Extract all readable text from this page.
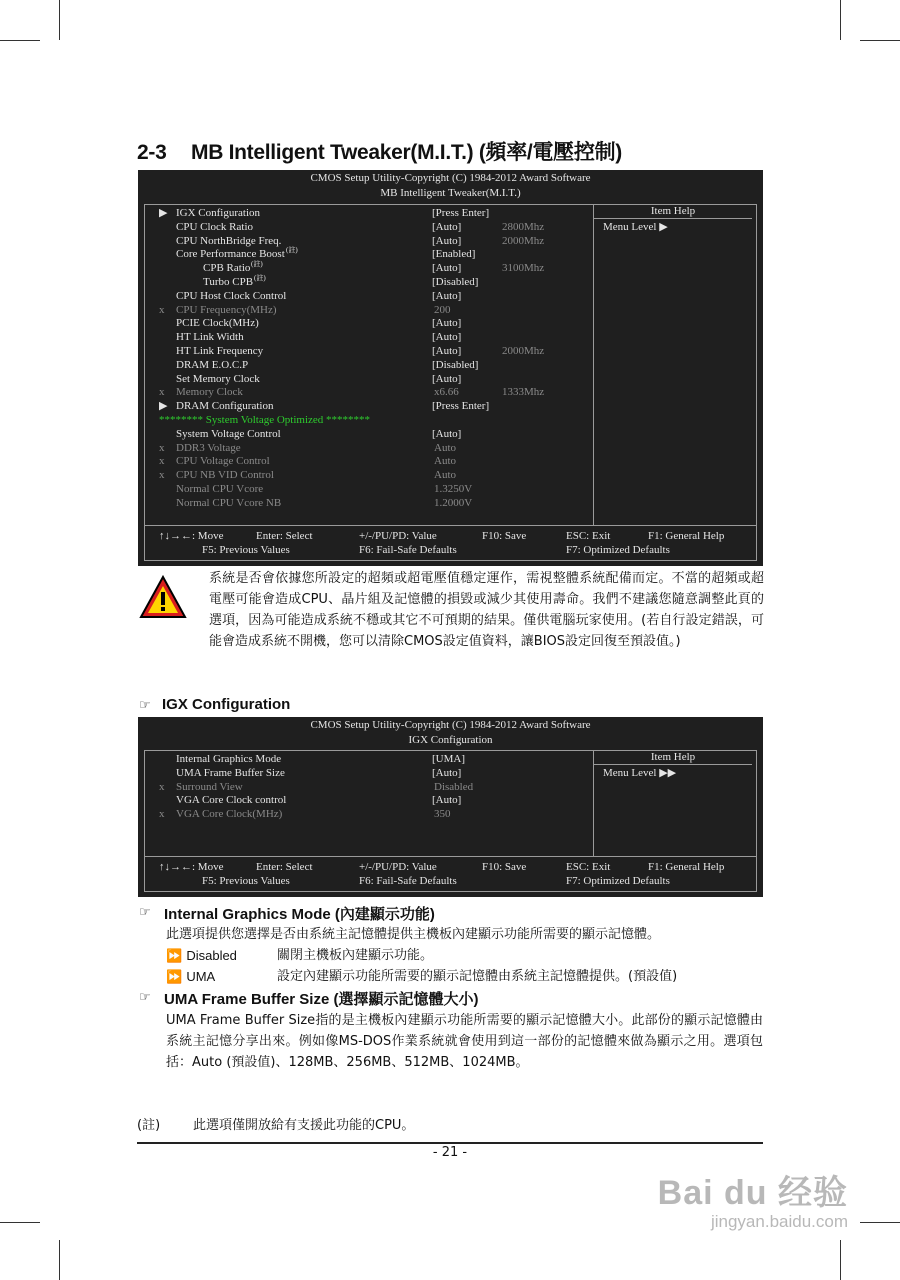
2-3 MB Intelligent Tweaker(M.I.T.) (頻率/電壓控制)
CMOS Setup Utility-Copyright (C) 1984-2012 Award Software
MB Intelligent Tweaker(M.I.T.)
▶ IGX Configuration	[Press Enter]
CPU Clock Ratio	[Auto]	2800Mhz
CPU NorthBridge Freq.	[Auto]	2000Mhz
Core Performance Boost (註)	[Enabled]
CPB Ratio (註)	[Auto]	3100Mhz
Turbo CPB (註)	[Disabled]
CPU Host Clock Control	[Auto]
x	CPU Frequency(MHz)	200
PCIE Clock(MHz)	[Auto]
HT Link Width	[Auto]
HT Link Frequency	[Auto]	2000Mhz
DRAM E.O.C.P	[Disabled]
Set Memory Clock	[Auto]
x	Memory Clock	x6.66	1333Mhz
▶ DRAM Configuration	[Press Enter]
******** System Voltage Optimized ********
System Voltage Control	[Auto]
x	DDR3 Voltage	Auto
x	CPU Voltage Control	Auto
x	CPU NB VID Control	Auto
Normal CPU Vcore	1.3250V
Normal CPU Vcore NB	1.2000V
Item Help
Menu Level ▶
↑↓→←: Move	Enter: Select	+/-/PU/PD: Value	F10: Save	ESC: Exit	F1: General Help
F5: Previous Values	F6: Fail-Safe Defaults	F7: Optimized Defaults
系統是否會依據您所設定的超頻或超電壓值穩定運作，需視整體系統配備而定。不當的超頻或超電壓可能會造成CPU、晶片組及記憶體的損毀或減少其使用壽命。我們不建議您隨意調整此頁的選項，因為可能造成系統不穩或其它不可預期的結果。僅供電腦玩家使用。(若自行設定錯誤，可能會造成系統不開機，您可以清除CMOS設定值資料，讓BIOS設定回復至預設值。)
☞ IGX Configuration
CMOS Setup Utility-Copyright (C) 1984-2012 Award Software
IGX Configuration
Internal Graphics Mode	[UMA]
UMA Frame Buffer Size	[Auto]
x	Surround View	Disabled
VGA Core Clock control	[Auto]
x	VGA Core Clock(MHz)	350
Item Help
Menu Level ▶▶
↑↓→←: Move	Enter: Select	+/-/PU/PD: Value	F10: Save	ESC: Exit	F1: General Help
F5: Previous Values	F6: Fail-Safe Defaults	F7: Optimized Defaults
☞ Internal Graphics Mode (內建顯示功能)
此選項提供您選擇是否由系統主記憶體提供主機板內建顯示功能所需要的顯示記憶體。
⏩ Disabled	關閉主機板內建顯示功能。
⏩ UMA	設定內建顯示功能所需要的顯示記憶體由系統主記憶體提供。(預設值)
☞ UMA Frame Buffer Size (選擇顯示記憶體大小)
UMA Frame Buffer Size指的是主機板內建顯示功能所需要的顯示記憶體大小。此部份的顯示記憶體由系統主記憶分享出來。例如像MS-DOS作業系統就會使用到這一部份的記憶體來做為顯示之用。選項包括：Auto (預設值)、128MB、256MB、512MB、1024MB。
(註)	此選項僅開放給有支援此功能的CPU。
- 21 -
Bai du 经验
jingyan.baidu.com
